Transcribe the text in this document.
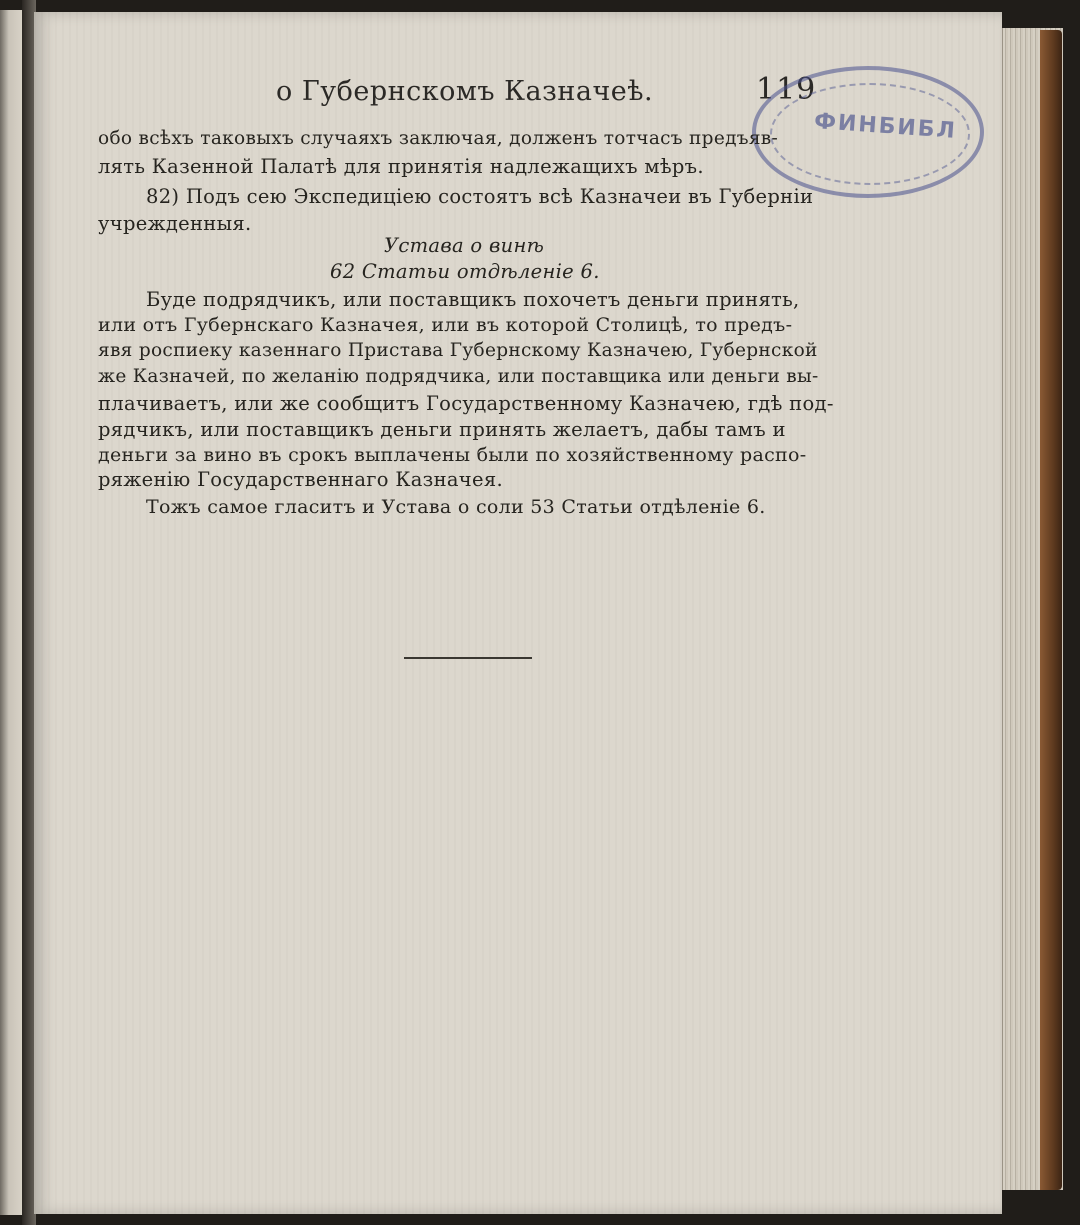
о Губернскомъ Казначеѣ.	119
ФИНБИБЛ
обо всѣхъ таковыхъ случаяхъ заключая, долженъ тотчасъ предъяв-
лять Казенной Палатѣ для принятія надлежащихъ мѣръ.
82) Подъ сею Экспедиціею состоятъ всѣ Казначеи въ Губерніи
учрежденныя.
Устава о винѣ
62 Статьи отдѣленіе 6.
Буде подрядчикъ, или поставщикъ похочетъ деньги принять,
или отъ Губернскаго Казначея, или въ которой Столицѣ, то предъ-
явя роспиеку казеннаго Пристава Губернскому Казначею, Губернской
же Казначей, по желанію подрядчика, или поставщика или деньги вы-
плачиваетъ, или же сообщитъ Государственному Казначею, гдѣ под-
рядчикъ, или поставщикъ деньги принять желаетъ, дабы тамъ и
деньги за вино въ срокъ выплачены были по хозяйственному распо-
ряженію Государственнаго Казначея.
Тожъ самое гласитъ и Устава о соли 53 Статьи отдѣленіе 6.
